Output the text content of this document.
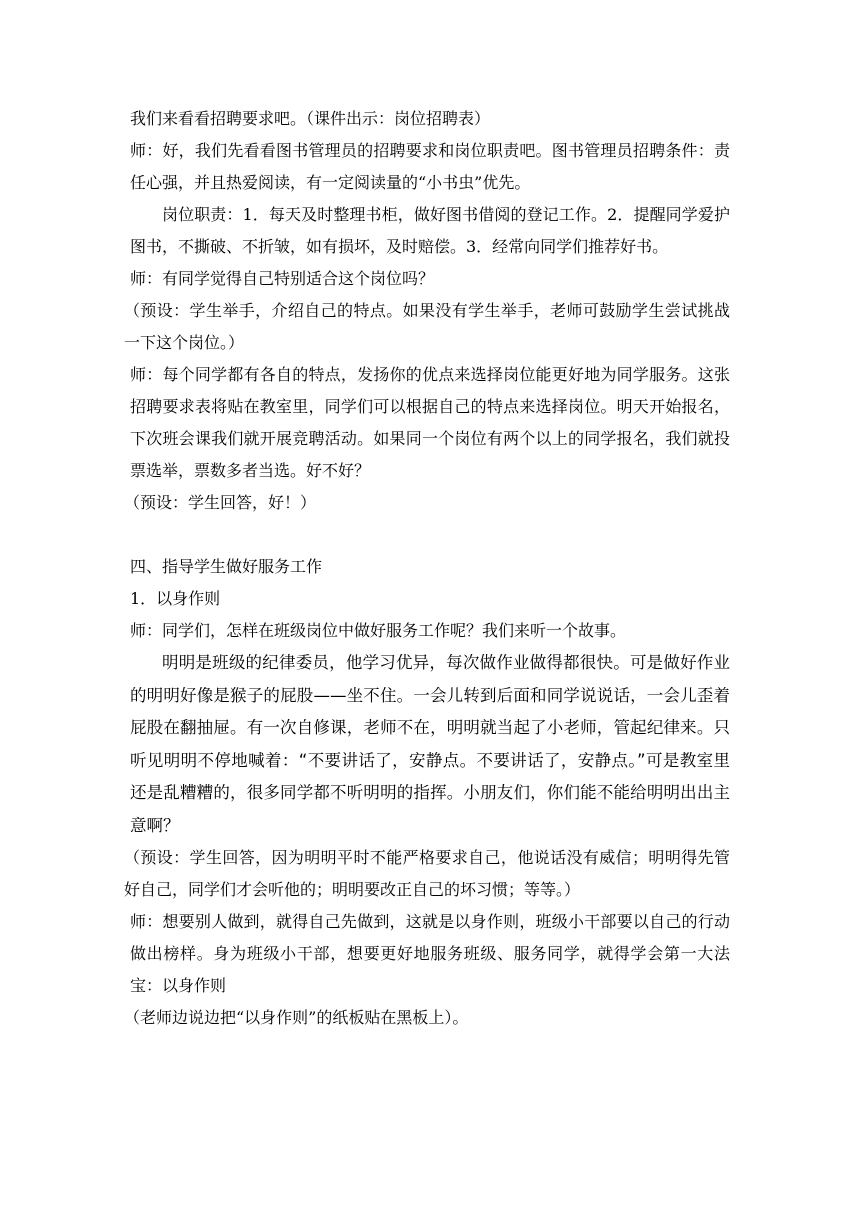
我们来看看招聘要求吧。（课件出示：岗位招聘表）

师：好，我们先看看图书管理员的招聘要求和岗位职责吧。图书管理员招聘条件：责任心强，并且热爱阅读，有一定阅读量的“小书虫”优先。

岗位职责：1．每天及时整理书柜，做好图书借阅的登记工作。2．提醒同学爱护图书，不撕破、不折皱，如有损坏，及时赔偿。3．经常向同学们推荐好书。

师：有同学觉得自己特别适合这个岗位吗？

（预设：学生举手，介绍自己的特点。如果没有学生举手，老师可鼓励学生尝试挑战一下这个岗位。）

师：每个同学都有各自的特点，发扬你的优点来选择岗位能更好地为同学服务。这张招聘要求表将贴在教室里，同学们可以根据自己的特点来选择岗位。明天开始报名，下次班会课我们就开展竞聘活动。如果同一个岗位有两个以上的同学报名，我们就投票选举，票数多者当选。好不好？

（预设：学生回答，好！）

四、指导学生做好服务工作

1．以身作则

师：同学们，怎样在班级岗位中做好服务工作呢？我们来听一个故事。

明明是班级的纪律委员，他学习优异，每次做作业做得都很快。可是做好作业的明明好像是猴子的屁股——坐不住。一会儿转到后面和同学说说话，一会儿歪着屁股在翻抽屉。有一次自修课，老师不在，明明就当起了小老师，管起纪律来。只听见明明不停地喊着：“不要讲话了，安静点。不要讲话了，安静点。”可是教室里还是乱糟糟的，很多同学都不听明明的指挥。小朋友们，你们能不能给明明出出主意啊？

（预设：学生回答，因为明明平时不能严格要求自己，他说话没有威信；明明得先管好自己，同学们才会听他的；明明要改正自己的坏习惯；等等。）

师：想要别人做到，就得自己先做到，这就是以身作则，班级小干部要以自己的行动做出榜样。身为班级小干部，想要更好地服务班级、服务同学，就得学会第一大法宝：以身作则

（老师边说边把“以身作则”的纸板贴在黑板上）。
